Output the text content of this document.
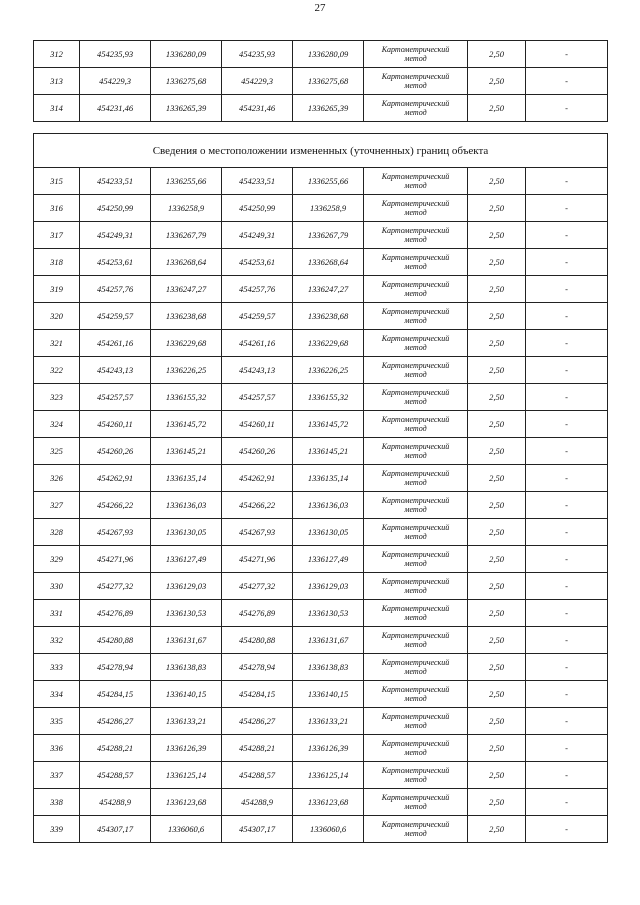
27
312	454235,93	1336280,09	454235,93	1336280,09	Картометрический
метод	2,50	-
313	454229,3	1336275,68	454229,3	1336275,68	Картометрический
метод	2,50	-
314	454231,46	1336265,39	454231,46	1336265,39	Картометрический
метод	2,50	-
Сведения о местоположении измененных (уточненных) границ объекта							
315	454233,51	1336255,66	454233,51	1336255,66	Картометрический
метод	2,50	-
316	454250,99	1336258,9	454250,99	1336258,9	Картометрический
метод	2,50	-
317	454249,31	1336267,79	454249,31	1336267,79	Картометрический
метод	2,50	-
318	454253,61	1336268,64	454253,61	1336268,64	Картометрический
метод	2,50	-
319	454257,76	1336247,27	454257,76	1336247,27	Картометрический
метод	2,50	-
320	454259,57	1336238,68	454259,57	1336238,68	Картометрический
метод	2,50	-
321	454261,16	1336229,68	454261,16	1336229,68	Картометрический
метод	2,50	-
322	454243,13	1336226,25	454243,13	1336226,25	Картометрический
метод	2,50	-
323	454257,57	1336155,32	454257,57	1336155,32	Картометрический
метод	2,50	-
324	454260,11	1336145,72	454260,11	1336145,72	Картометрический
метод	2,50	-
325	454260,26	1336145,21	454260,26	1336145,21	Картометрический
метод	2,50	-
326	454262,91	1336135,14	454262,91	1336135,14	Картометрический
метод	2,50	-
327	454266,22	1336136,03	454266,22	1336136,03	Картометрический
метод	2,50	-
328	454267,93	1336130,05	454267,93	1336130,05	Картометрический
метод	2,50	-
329	454271,96	1336127,49	454271,96	1336127,49	Картометрический
метод	2,50	-
330	454277,32	1336129,03	454277,32	1336129,03	Картометрический
метод	2,50	-
331	454276,89	1336130,53	454276,89	1336130,53	Картометрический
метод	2,50	-
332	454280,88	1336131,67	454280,88	1336131,67	Картометрический
метод	2,50	-
333	454278,94	1336138,83	454278,94	1336138,83	Картометрический
метод	2,50	-
334	454284,15	1336140,15	454284,15	1336140,15	Картометрический
метод	2,50	-
335	454286,27	1336133,21	454286,27	1336133,21	Картометрический
метод	2,50	-
336	454288,21	1336126,39	454288,21	1336126,39	Картометрический
метод	2,50	-
337	454288,57	1336125,14	454288,57	1336125,14	Картометрический
метод	2,50	-
338	454288,9	1336123,68	454288,9	1336123,68	Картометрический
метод	2,50	-
339	454307,17	1336060,6	454307,17	1336060,6	Картометрический
метод	2,50	-
